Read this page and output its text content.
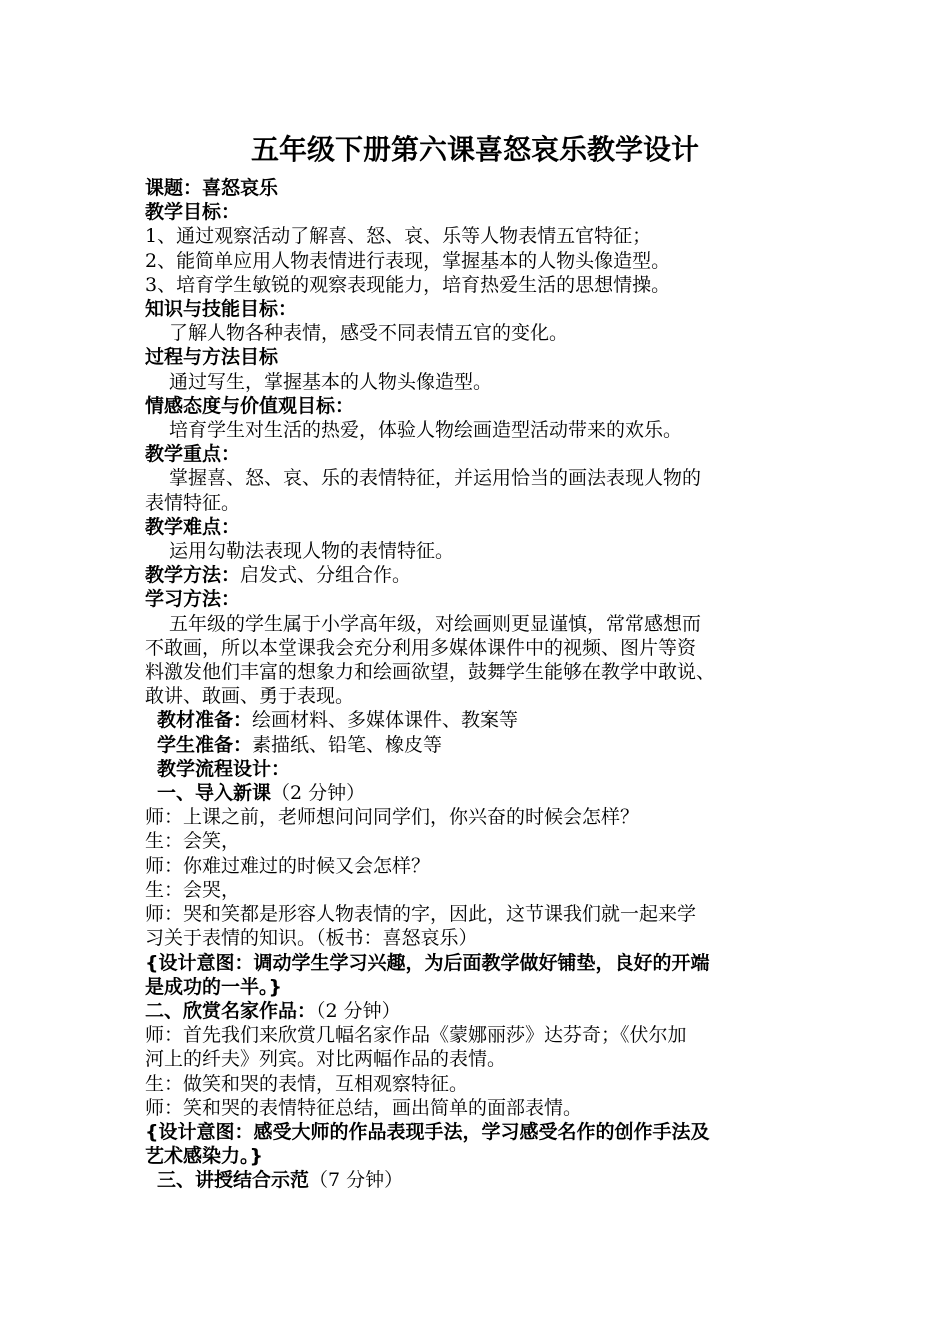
五年级下册第六课喜怒哀乐教学设计
课题：喜怒哀乐
教学目标：
1、通过观察活动了解喜、怒、哀、乐等人物表情五官特征；
2、能简单应用人物表情进行表现，掌握基本的人物头像造型。
3、培育学生敏锐的观察表现能力，培育热爱生活的思想情操。
知识与技能目标：
了解人物各种表情，感受不同表情五官的变化。
过程与方法目标
通过写生，掌握基本的人物头像造型。
情感态度与价值观目标：
培育学生对生活的热爱，体验人物绘画造型活动带来的欢乐。
教学重点：
掌握喜、怒、哀、乐的表情特征，并运用恰当的画法表现人物的
表情特征。
教学难点：
运用勾勒法表现人物的表情特征。
教学方法：启发式、分组合作。
学习方法：
五年级的学生属于小学高年级，对绘画则更显谨慎，常常感想而
不敢画，所以本堂课我会充分利用多媒体课件中的视频、图片等资
料激发他们丰富的想象力和绘画欲望，鼓舞学生能够在教学中敢说、
敢讲、敢画、勇于表现。
教材准备：绘画材料、多媒体课件、教案等
学生准备：素描纸、铅笔、橡皮等
教学流程设计：
一、导入新课（2 分钟）
师：上课之前，老师想问问同学们，你兴奋的时候会怎样？
生：会笑，
师：你难过难过的时候又会怎样？
生：会哭，
师：哭和笑都是形容人物表情的字，因此，这节课我们就一起来学
习关于表情的知识。（板书：喜怒哀乐）
{设计意图：调动学生学习兴趣，为后面教学做好铺垫，良好的开端
是成功的一半。}
二、欣赏名家作品：（2 分钟）
师：首先我们来欣赏几幅名家作品《蒙娜丽莎》达芬奇；《伏尔加
河上的纤夫》列宾。对比两幅作品的表情。
生：做笑和哭的表情，互相观察特征。
师：笑和哭的表情特征总结，画出简单的面部表情。
{设计意图：感受大师的作品表现手法，学习感受名作的创作手法及
艺术感染力。}
三、讲授结合示范（7 分钟）
